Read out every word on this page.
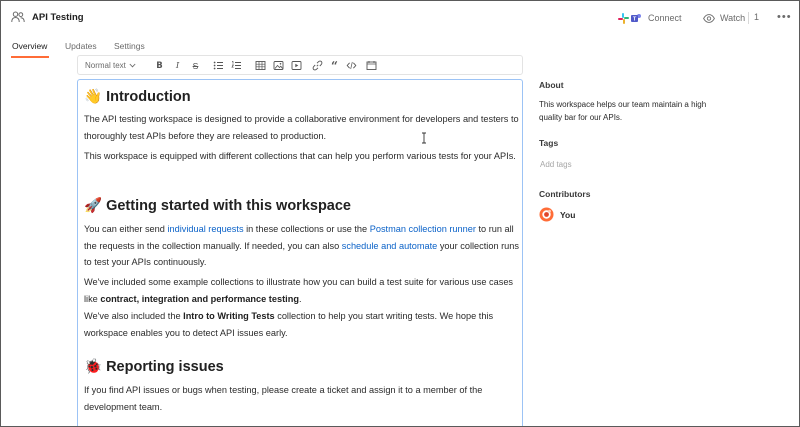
API Testing	T Connect	Watch 1 •••
Overview Updates Settings
Normal text	B	I	S	“
👋 Introduction
The API testing workspace is designed to provide a collaborative environment for developers and testers to thoroughly test APIs before they are released to production.
This workspace is equipped with different collections that can help you perform various tests for your APIs.
🚀 Getting started with this workspace
You can either send individual requests in these collections or use the Postman collection runner to run all the requests in the collection manually. If needed, you can also schedule and automate your collection runs to test your APIs continuously.
We've included some example collections to illustrate how you can build a test suite for various use cases like contract, integration and performance testing.
We've also included the Intro to Writing Tests collection to help you start writing tests. We hope this workspace enables you to detect API issues early.
🐞 Reporting issues
If you find API issues or bugs when testing, please create a ticket and assign it to a member of the development team.
About
This workspace helps our team maintain a high quality bar for our APIs.
Tags
Add tags
Contributors
You
